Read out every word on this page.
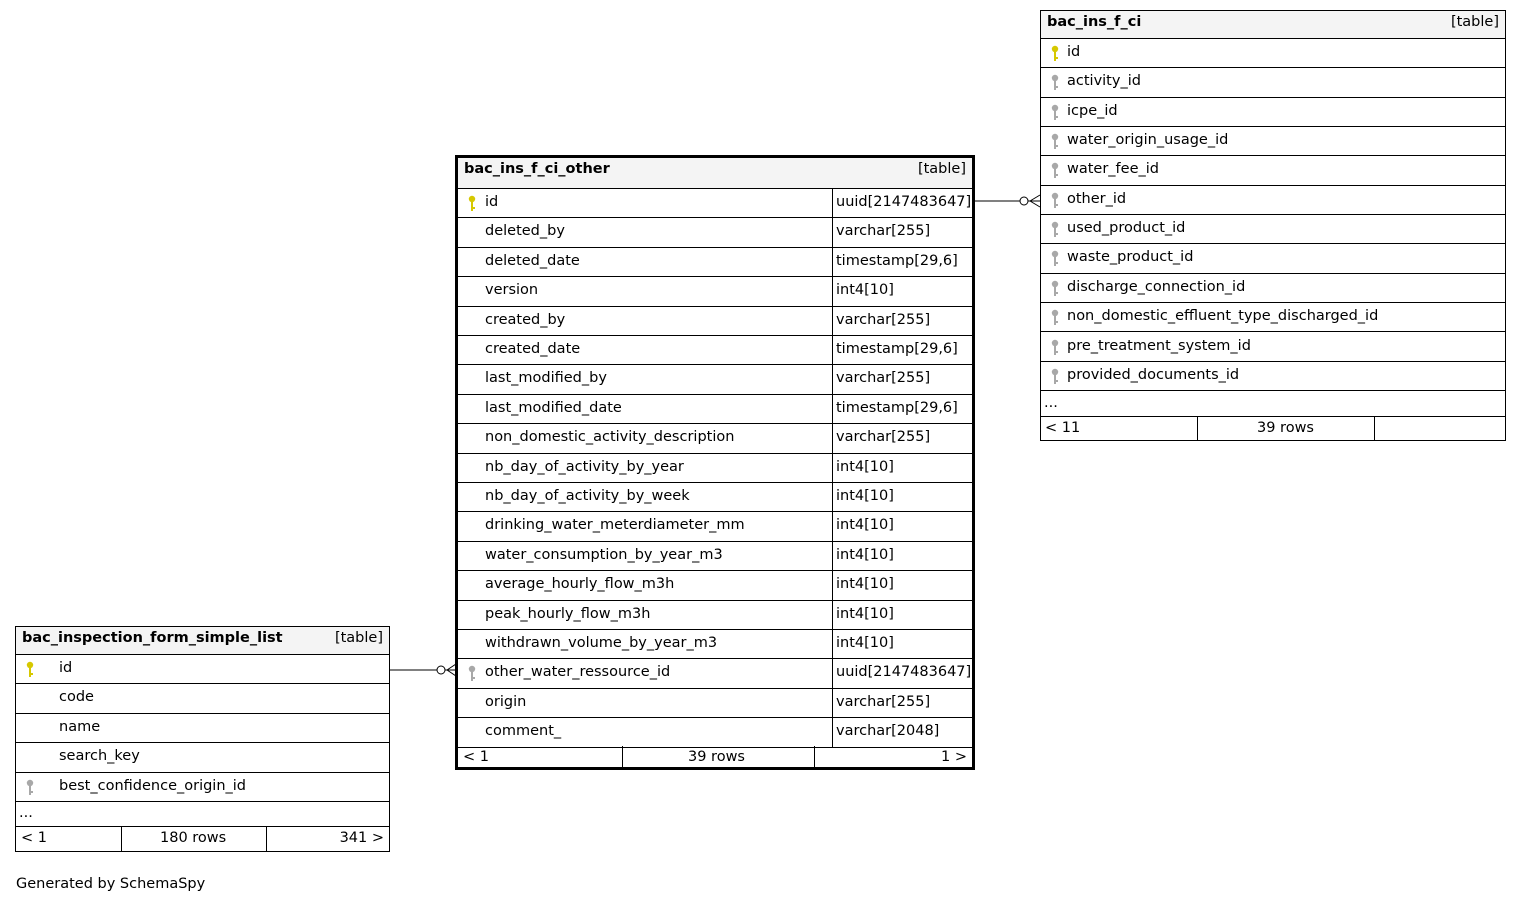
bac_ins_f_ci_other	[table]
id	uuid[2147483647]
deleted_by	varchar[255]
deleted_date	timestamp[29,6]
version	int4[10]
created_by	varchar[255]
created_date	timestamp[29,6]
last_modified_by	varchar[255]
last_modified_date	timestamp[29,6]
non_domestic_activity_description	varchar[255]
nb_day_of_activity_by_year	int4[10]
nb_day_of_activity_by_week	int4[10]
drinking_water_meterdiameter_mm	int4[10]
water_consumption_by_year_m3	int4[10]
average_hourly_flow_m3h	int4[10]
peak_hourly_flow_m3h	int4[10]
withdrawn_volume_by_year_m3	int4[10]
other_water_ressource_id	uuid[2147483647]
origin	varchar[255]
comment_	varchar[2048]
< 1	39 rows	1 >
bac_ins_f_ci	[table]
id
activity_id
icpe_id
water_origin_usage_id
water_fee_id
other_id
used_product_id
waste_product_id
discharge_connection_id
non_domestic_effluent_type_discharged_id
pre_treatment_system_id
provided_documents_id
...
< 11	39 rows
bac_inspection_form_simple_list	[table]
id
code
name
search_key
best_confidence_origin_id
...
< 1	180 rows	341 >
Generated by SchemaSpy
